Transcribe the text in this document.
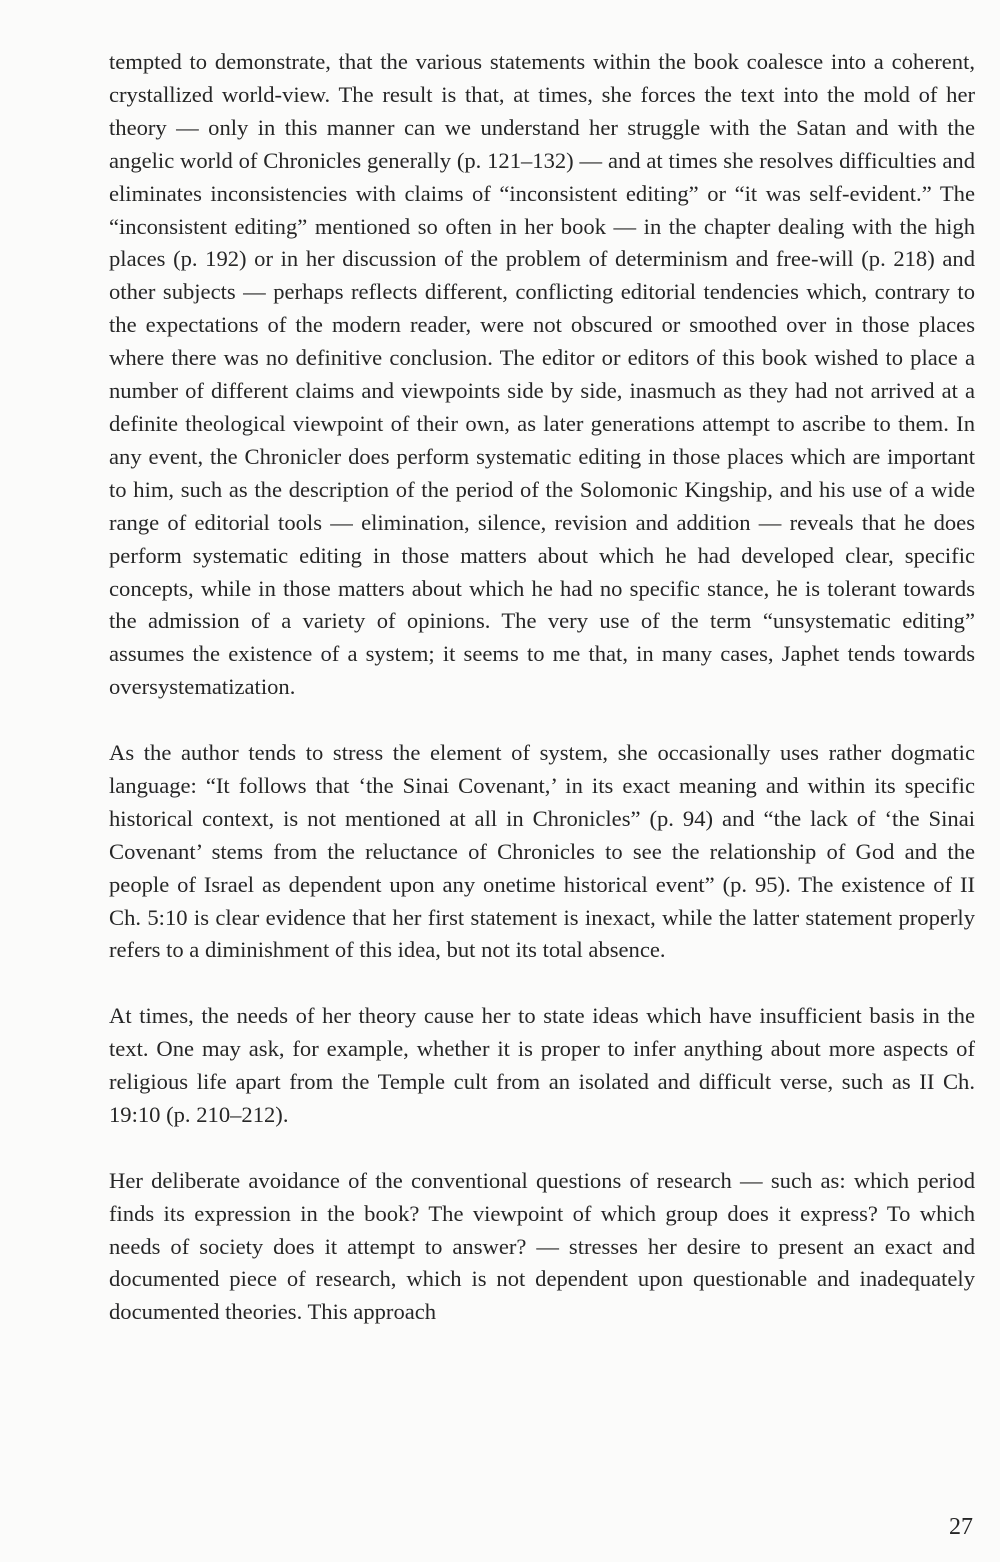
tempted to demonstrate, that the various statements within the book coalesce into a coherent, crystallized world-view. The result is that, at times, she forces the text into the mold of her theory — only in this manner can we understand her struggle with the Satan and with the angelic world of Chronicles generally (p. 121–132) — and at times she resolves difficulties and eliminates inconsistencies with claims of “inconsistent editing” or “it was self-evident.” The “inconsistent editing” mentioned so often in her book — in the chapter dealing with the high places (p. 192) or in her discussion of the problem of determinism and free-will (p. 218) and other subjects — perhaps reflects different, conflicting editorial tendencies which, contrary to the expectations of the modern reader, were not obscured or smoothed over in those places where there was no definitive conclusion. The editor or editors of this book wished to place a number of different claims and viewpoints side by side, inasmuch as they had not arrived at a definite theological viewpoint of their own, as later generations attempt to ascribe to them. In any event, the Chronicler does perform systematic editing in those places which are important to him, such as the description of the period of the Solomonic Kingship, and his use of a wide range of editorial tools — elimination, silence, revision and addition — reveals that he does perform systematic editing in those matters about which he had developed clear, specific concepts, while in those matters about which he had no specific stance, he is tolerant towards the admission of a variety of opinions. The very use of the term “unsystematic editing” assumes the existence of a system; it seems to me that, in many cases, Japhet tends towards oversystematization.

As the author tends to stress the element of system, she occasionally uses rather dogmatic language: “It follows that ‘the Sinai Covenant,’ in its exact meaning and within its specific historical context, is not mentioned at all in Chronicles” (p. 94) and “the lack of ‘the Sinai Covenant’ stems from the reluctance of Chronicles to see the relationship of God and the people of Israel as dependent upon any onetime historical event” (p. 95). The existence of II Ch. 5:10 is clear evidence that her first statement is inexact, while the latter statement properly refers to a diminishment of this idea, but not its total absence.

At times, the needs of her theory cause her to state ideas which have insufficient basis in the text. One may ask, for example, whether it is proper to infer anything about more aspects of religious life apart from the Temple cult from an isolated and difficult verse, such as II Ch. 19:10 (p. 210–212).

Her deliberate avoidance of the conventional questions of research — such as: which period finds its expression in the book? The viewpoint of which group does it express? To which needs of society does it attempt to answer? — stresses her desire to present an exact and documented piece of research, which is not dependent upon questionable and inadequately documented theories. This approach

27
